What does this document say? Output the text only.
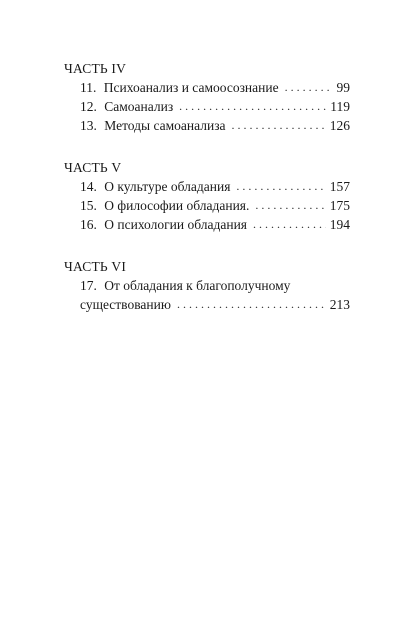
ЧАСТЬ IV
11. Психоанализ и самоосознание . . .	99
12. Самоанализ . . .	119
13. Методы самоанализа . . .	126
ЧАСТЬ V
14. О культуре обладания . . .	157
15. О философии обладания. . . .	175
16. О психологии обладания . . .	194
ЧАСТЬ VI
17. От обладания к благополучному
существованию . . .	213
